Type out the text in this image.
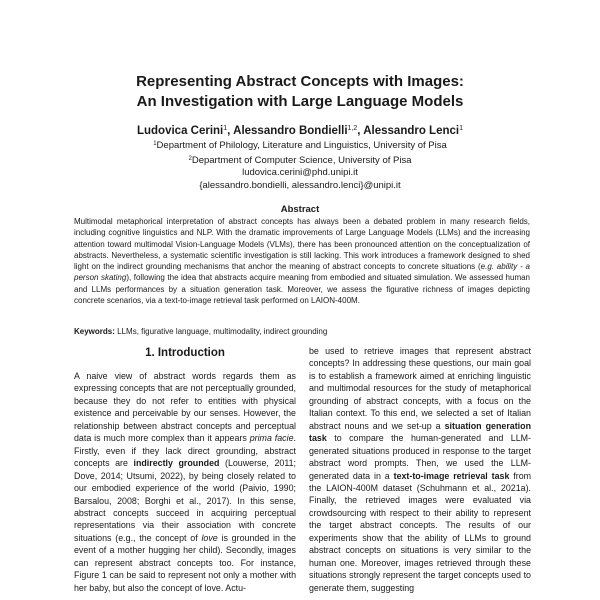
Representing Abstract Concepts with Images:
An Investigation with Large Language Models
Ludovica Cerini$^1$, Alessandro Bondielli$^{1,2}$, Alessandro Lenci$^1$
$^1$Department of Philology, Literature and Linguistics, University of Pisa
$^2$Department of Computer Science, University of Pisa
ludovica.cerini@phd.unipi.it
{alessandro.bondielli, alessandro.lenci}@unipi.it
Abstract
Multimodal metaphorical interpretation of abstract concepts has always been a debated problem in many research fields, including cognitive linguistics and NLP. With the dramatic improvements of Large Language Models (LLMs) and the increasing attention toward multimodal Vision-Language Models (VLMs), there has been pronounced attention on the conceptualization of abstracts. Nevertheless, a systematic scientific investigation is still lacking. This work introduces a framework designed to shed light on the indirect grounding mechanisms that anchor the meaning of abstract concepts to concrete situations (e.g. ability - a person skating), following the idea that abstracts acquire meaning from embodied and situated simulation. We assessed human and LLMs performances by a situation generation task. Moreover, we assess the figurative richness of images depicting concrete scenarios, via a text-to-image retrieval task performed on LAION-400M.
Keywords: LLMs, figurative language, multimodality, indirect grounding
1. Introduction

A naive view of abstract words regards them as expressing concepts that are not perceptually grounded, because they do not refer to entities with physical existence and perceivable by our senses. However, the relationship between abstract concepts and perceptual data is much more complex than it appears prima facie. Firstly, even if they lack direct grounding, abstract concepts are indirectly grounded (Louwerse, 2011; Dove, 2014; Utsumi, 2022), by being closely related to our embodied experience of the world (Paivio, 1990; Barsalou, 2008; Borghi et al., 2017). In this sense, abstract concepts succeed in acquiring perceptual representations via their association with concrete situations (e.g., the concept of love is grounded in the event of a mother hugging her child). Secondly, images can represent abstract concepts too. For instance, Figure 1 can be said to represent not only a mother with her baby, but also the concept of love. Actu-

be used to retrieve images that represent abstract concepts? In addressing these questions, our main goal is to establish a framework aimed at enriching linguistic and multimodal resources for the study of metaphorical grounding of abstract concepts, with a focus on the Italian context. To this end, we selected a set of Italian abstract nouns and we set-up a situation generation task to compare the human-generated and LLM-generated situations produced in response to the target abstract word prompts. Then, we used the LLM-generated data in a text-to-image retrieval task from the LAION-400M dataset (Schuhmann et al., 2021a). Finally, the retrieved images were evaluated via crowdsourcing with respect to their ability to represent the target abstract concepts. The results of our experiments show that the ability of LLMs to ground abstract concepts on situations is very similar to the human one. Moreover, images retrieved through these situations strongly represent the target concepts used to generate them, suggesting
